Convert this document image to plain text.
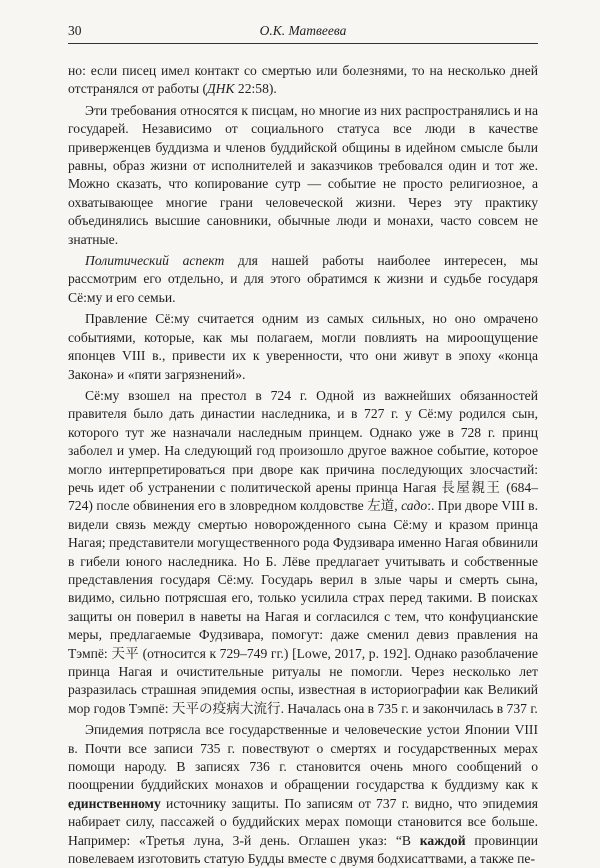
30	О.К. Матвеева

но: если писец имел контакт со смертью или болезнями, то на несколько дней отстранялся от работы (ДНК 22:58).

Эти требования относятся к писцам, но многие из них распространялись и на государей. Независимо от социального статуса все люди в качестве приверженцев буддизма и членов буддийской общины в идейном смысле были равны, образ жизни от исполнителей и заказчиков требовался один и тот же. Можно сказать, что копирование сутр — событие не просто религиозное, а охватывающее многие грани человеческой жизни. Через эту практику объединялись высшие сановники, обычные люди и монахи, часто совсем не знатные.

Политический аспект для нашей работы наиболее интересен, мы рассмотрим его отдельно, и для этого обратимся к жизни и судьбе государя Сё:му и его семьи.

Правление Сё:му считается одним из самых сильных, но оно омрачено событиями, которые, как мы полагаем, могли повлиять на мироощущение японцев VIII в., привести их к уверенности, что они живут в эпоху «конца Закона» и «пяти загрязнений».

Сё:му взошел на престол в 724 г. Одной из важнейших обязанностей правителя было дать династии наследника, и в 727 г. у Сё:му родился сын, которого тут же назначали наследным принцем. Однако уже в 728 г. принц заболел и умер. На следующий год произошло другое важное событие, которое могло интерпретироваться при дворе как причина последующих злосчастий: речь идет об устранении с политической арены принца Нагая 長屋親王 (684–724) после обвинения его в зловредном колдовстве 左道, садо:. При дворе VIII в. видели связь между смертью новорожденного сына Сё:му и кразом принца Нагая; представители могущественного рода Фудзивара именно Нагая обвинили в гибели юного наследника. Но Б. Лёве предлагает учитывать и собственные представления государя Сё:му. Государь верил в злые чары и смерть сына, видимо, сильно потрясшая его, только усилила страх перед такими. В поисках защиты он поверил в наветы на Нагая и согласился с тем, что конфуцианские меры, предлагаемые Фудзивара, помогут: даже сменил девиз правления на Тэмпё: 天平 (относится к 729–749 гг.) [Lowe, 2017, p. 192]. Однако разоблачение принца Нагая и очистительные ритуалы не помогли. Через несколько лет разразилась страшная эпидемия оспы, известная в историографии как Великий мор годов Тэмпё: 天平の疫病大流行. Началась она в 735 г. и закончилась в 737 г.

Эпидемия потрясла все государственные и человеческие устои Японии VIII в. Почти все записи 735 г. повествуют о смертях и государственных мерах помощи народу. В записях 736 г. становится очень много сообщений о поощрении буддийских монахов и обращении государства к буддизму как к единственному источнику защиты. По записям от 737 г. видно, что эпидемия набирает силу, пассажей о буддийских мерах помощи становится все больше. Например: «Третья луна, 3-й день. Оглашен указ: “В каждой провинции повелеваем изготовить статую Будды вместе с двумя бодхисаттвами, а также пе-
